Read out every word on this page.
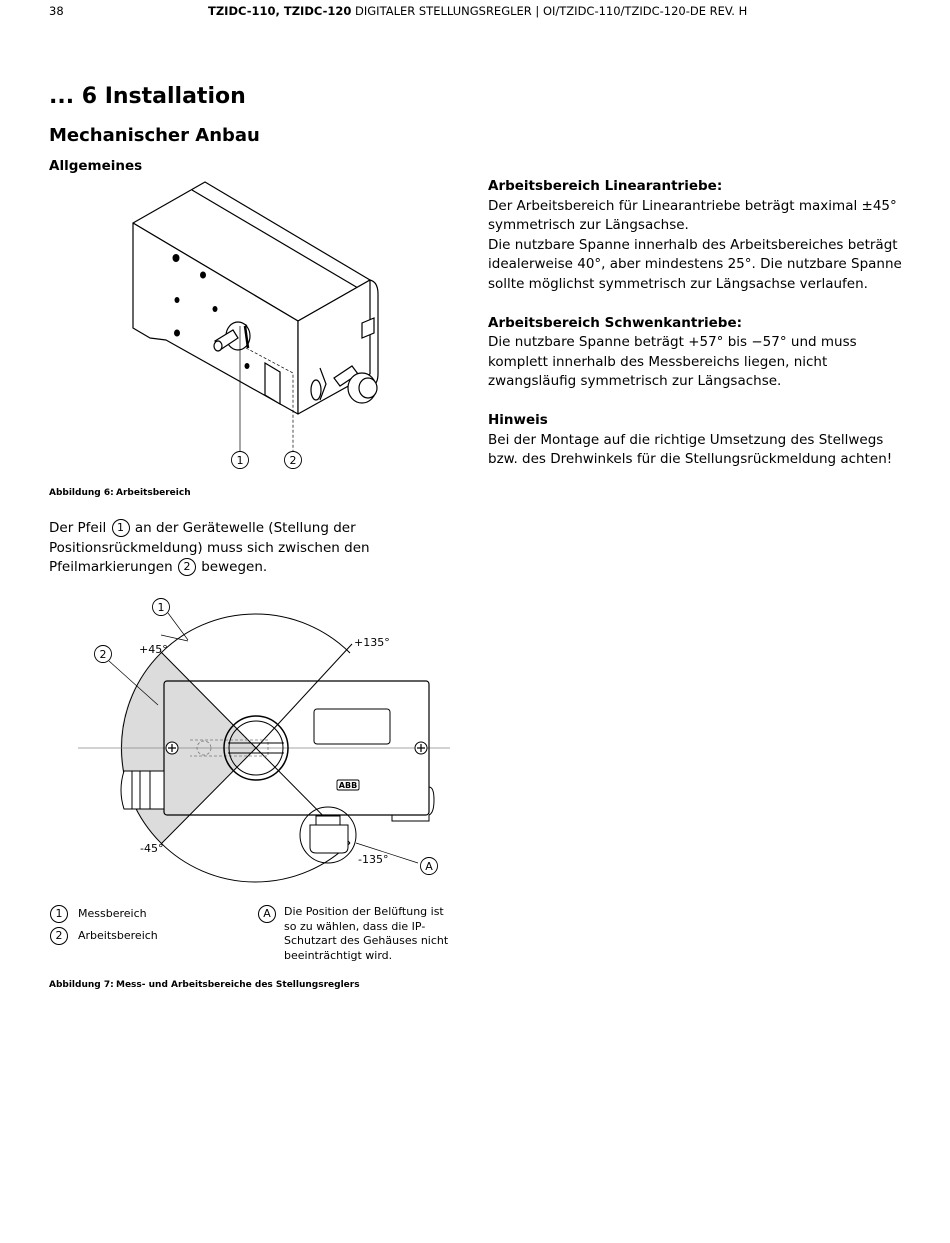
38	TZIDC-110, TZIDC-120 DIGITALER STELLUNGSREGLER | OI/TZIDC-110/TZIDC-120-DE REV. H
... 6 Installation
Mechanischer Anbau
Allgemeines
1	2
Abbildung 6: Arbeitsbereich
Der Pfeil 1 an der Gerätewelle (Stellung der Positionsrückmeldung) muss sich zwischen den Pfeilmarkierungen 2 bewegen.
ABB
1
2
A
+45°
+135°
-45°
-135°
1 Messbereich
2 Arbeitsbereich
A	Die Position der Belüftung ist so zu wählen, dass die IP-Schutzart des Gehäuses nicht beeinträchtigt wird.
Abbildung 7: Mess- und Arbeitsbereiche des Stellungsreglers

Arbeitsbereich Linearantriebe:
Der Arbeitsbereich für Linearantriebe beträgt maximal ±45° symmetrisch zur Längsachse.
Die nutzbare Spanne innerhalb des Arbeitsbereiches beträgt idealerweise 40°, aber mindestens 25°. Die nutzbare Spanne sollte möglichst symmetrisch zur Längsachse verlaufen.

Arbeitsbereich Schwenkantriebe:
Die nutzbare Spanne beträgt +57° bis −57° und muss komplett innerhalb des Messbereichs liegen, nicht zwangsläufig symmetrisch zur Längsachse.

Hinweis
Bei der Montage auf die richtige Umsetzung des Stellwegs bzw. des Drehwinkels für die Stellungsrückmeldung achten!
